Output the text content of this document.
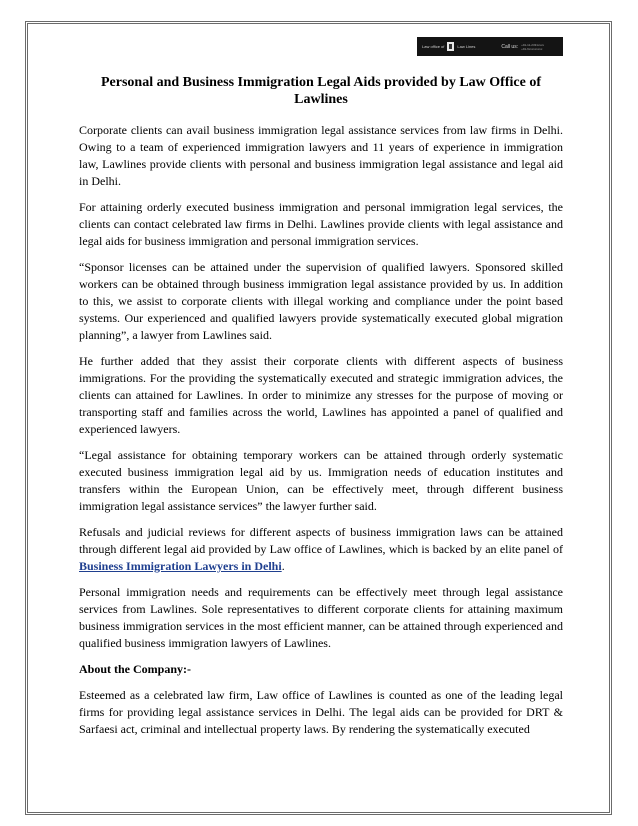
Law office of	Law Lines	Call us: +91-11-2331xxxx
+91-9xxxxxxxxx
Personal and Business Immigration Legal Aids provided by Law Office of Lawlines

Corporate clients can avail business immigration legal assistance services from law firms in Delhi. Owing to a team of experienced immigration lawyers and 11 years of experience in immigration law, Lawlines provide clients with personal and business immigration legal assistance and legal aid in Delhi.

For attaining orderly executed business immigration and personal immigration legal services, the clients can contact celebrated law firms in Delhi. Lawlines provide clients with legal assistance and legal aids for business immigration and personal immigration services.

“Sponsor licenses can be attained under the supervision of qualified lawyers. Sponsored skilled workers can be obtained through business immigration legal assistance provided by us. In addition to this, we assist to corporate clients with illegal working and compliance under the point based systems. Our experienced and qualified lawyers provide systematically executed global migration planning”, a lawyer from Lawlines said.

He further added that they assist their corporate clients with different aspects of business immigrations. For the providing the systematically executed and strategic immigration advices, the clients can attained for Lawlines. In order to minimize any stresses for the purpose of moving or transporting staff and families across the world, Lawlines has appointed a panel of qualified and experienced lawyers.

“Legal assistance for obtaining temporary workers can be attained through orderly systematic executed business immigration legal aid by us. Immigration needs of education institutes and transfers within the European Union, can be effectively meet, through different business immigration legal assistance services” the lawyer further said.

Refusals and judicial reviews for different aspects of business immigration laws can be attained through different legal aid provided by Law office of Lawlines, which is backed by an elite panel of Business Immigration Lawyers in Delhi.

Personal immigration needs and requirements can be effectively meet through legal assistance services from Lawlines. Sole representatives to different corporate clients for attaining maximum business immigration services in the most efficient manner, can be attained through experienced and qualified business immigration lawyers of Lawlines.

About the Company:-

Esteemed as a celebrated law firm, Law office of Lawlines is counted as one of the leading legal firms for providing legal assistance services in Delhi. The legal aids can be provided for DRT & Sarfaesi act, criminal and intellectual property laws. By rendering the systematically executed
